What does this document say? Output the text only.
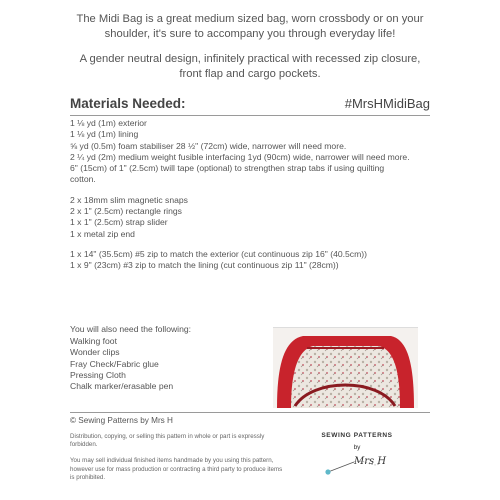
The Midi Bag is a great medium sized bag, worn crossbody or on your shoulder, it's sure to accompany you through everyday life!

A gender neutral design, infinitely practical with recessed zip closure, front flap and cargo pockets.

Materials Needed:	#MrsHMidiBag
1 ⅛ yd (1m) exterior
1 ⅛ yd (1m) lining
⅝ yd (0.5m) foam stabiliser 28 ½" (72cm) wide, narrower will need more.
2 ¼ yd (2m) medium weight fusible interfacing 1yd (90cm) wide, narrower will need more.
6" (15cm) of 1" (2.5cm) twill tape (optional) to strengthen strap tabs if using quilting cotton.
2 x 18mm slim magnetic snaps
2 x 1" (2.5cm) rectangle rings
1 x 1" (2.5cm) strap slider
1 x metal zip end
1 x 14" (35.5cm) #5 zip to match the exterior (cut continuous zip 16" (40.5cm))
1 x 9" (23cm) #3 zip to match the lining (cut continuous zip 11" (28cm))
You will also need the following:
Walking foot
Wonder clips
Fray Check/Fabric glue
Pressing Cloth
Chalk marker/erasable pen
© Sewing Patterns by Mrs H

Distribution, copying, or selling this pattern in whole or part is expressly forbidden.

You may sell individual finished items handmade by you using this pattern, however use for mass production or contracting a third party to produce items is prohibited.

SEWING PATTERNS
by
Mrs H
